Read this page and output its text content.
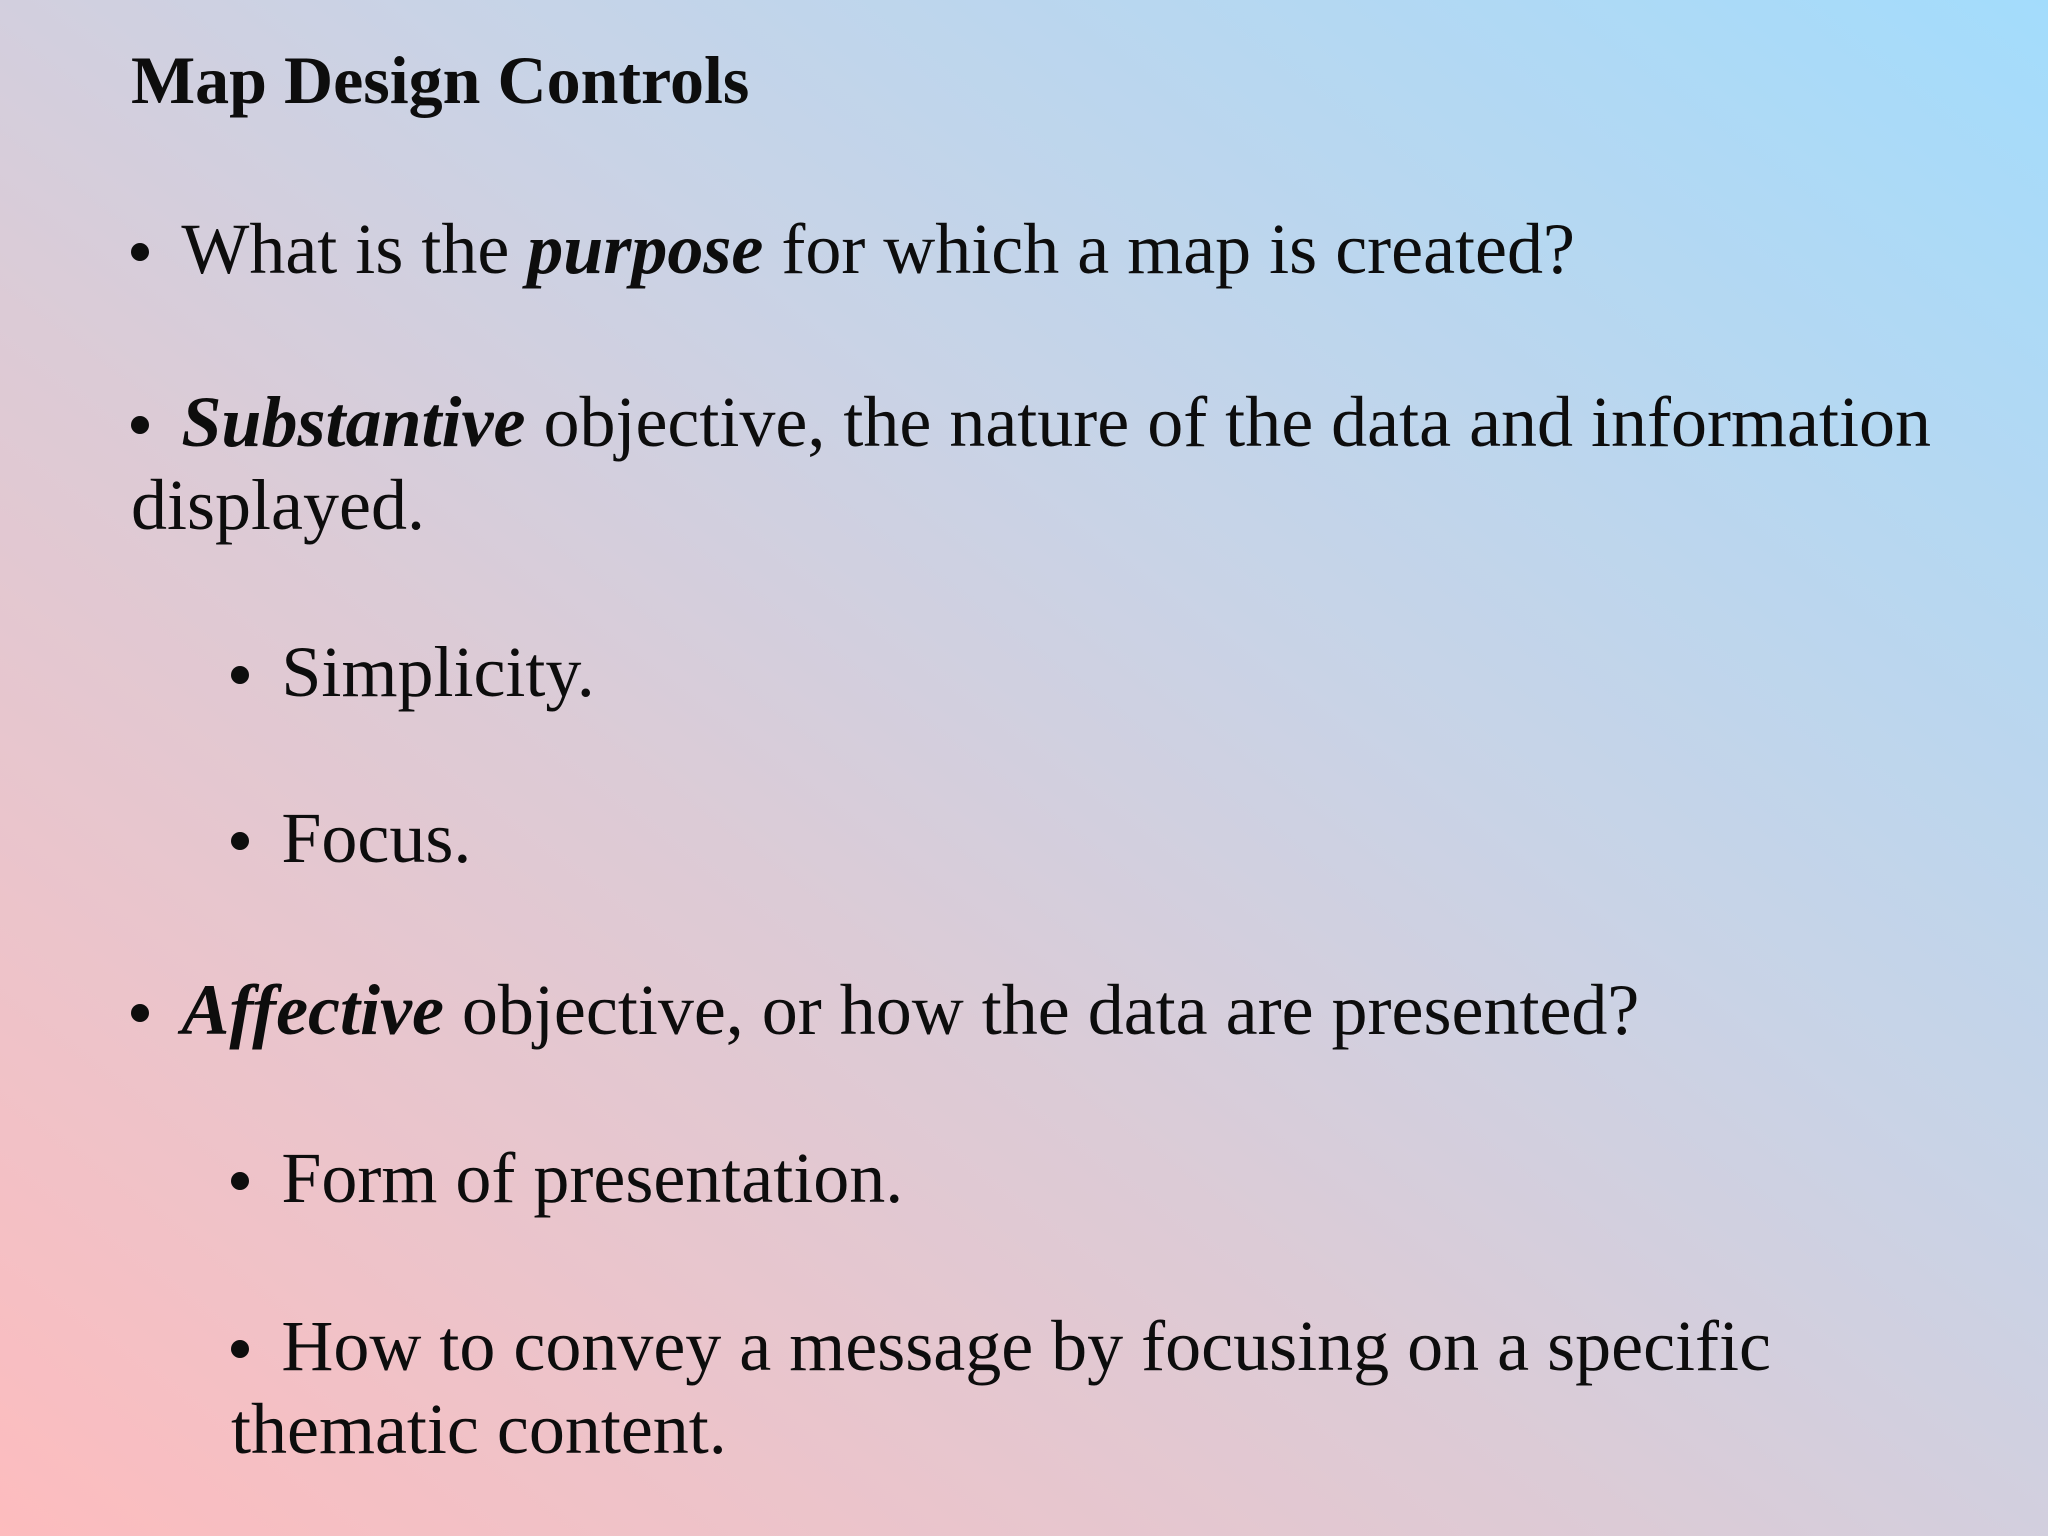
Map Design Controls

What is the purpose for which a map is created?

Substantive objective, the nature of the data and information displayed.

Simplicity.

Focus.

Affective objective, or how the data are presented?

Form of presentation.

How to convey a message by focusing on a specific thematic content.
